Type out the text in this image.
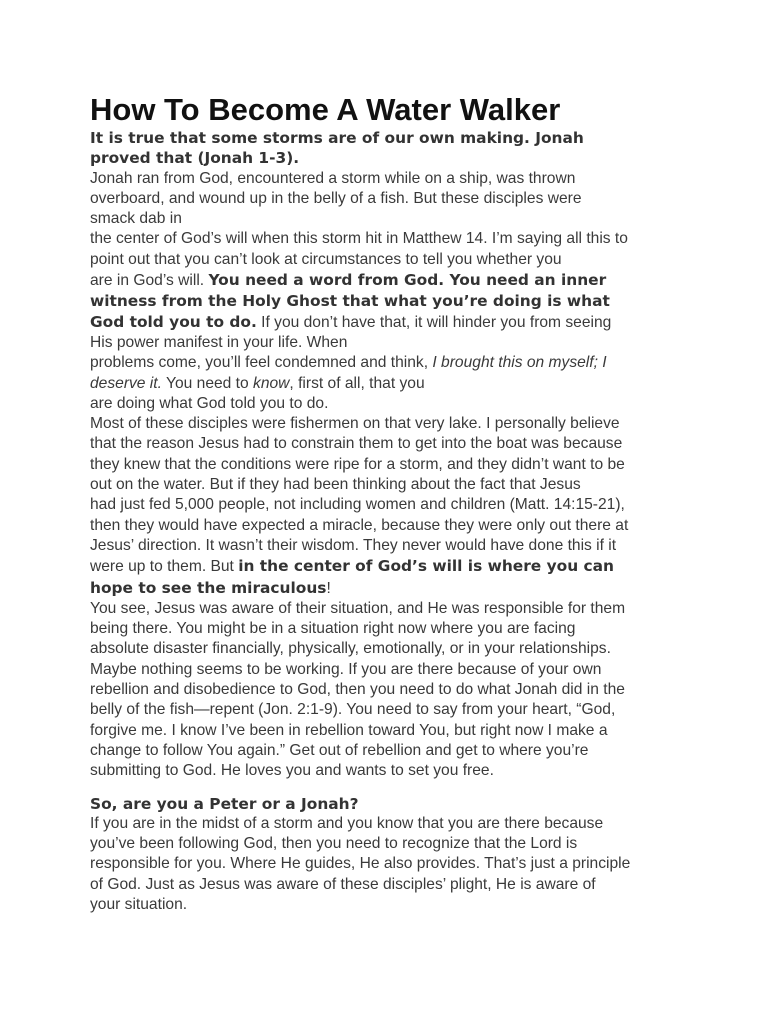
How To Become A Water Walker
It is true that some storms are of our own making. Jonah
proved that (Jonah 1-3).
Jonah ran from God, encountered a storm while on a ship, was thrown
overboard, and wound up in the belly of a fish. But these disciples were
smack dab in
the center of God’s will when this storm hit in Matthew 14. I’m saying all this to
point out that you can’t look at circumstances to tell you whether you
are in God’s will. You need a word from God. You need an inner
witness from the Holy Ghost that what you’re doing is what
God told you to do. If you don’t have that, it will hinder you from seeing
His power manifest in your life. When
problems come, you’ll feel condemned and think, I brought this on myself; I
deserve it. You need to know, first of all, that you
are doing what God told you to do.
Most of these disciples were fishermen on that very lake. I personally believe
that the reason Jesus had to constrain them to get into the boat was because
they knew that the conditions were ripe for a storm, and they didn’t want to be
out on the water. But if they had been thinking about the fact that Jesus
had just fed 5,000 people, not including women and children (Matt. 14:15-21),
then they would have expected a miracle, because they were only out there at
Jesus’ direction. It wasn’t their wisdom. They never would have done this if it
were up to them. But in the center of God’s will is where you can
hope to see the miraculous!
You see, Jesus was aware of their situation, and He was responsible for them
being there. You might be in a situation right now where you are facing
absolute disaster financially, physically, emotionally, or in your relationships.
Maybe nothing seems to be working. If you are there because of your own
rebellion and disobedience to God, then you need to do what Jonah did in the
belly of the fish—repent (Jon. 2:1-9). You need to say from your heart, “God,
forgive me. I know I’ve been in rebellion toward You, but right now I make a
change to follow You again.” Get out of rebellion and get to where you’re
submitting to God. He loves you and wants to set you free.
So, are you a Peter or a Jonah?
If you are in the midst of a storm and you know that you are there because
you’ve been following God, then you need to recognize that the Lord is
responsible for you. Where He guides, He also provides. That’s just a principle
of God. Just as Jesus was aware of these disciples’ plight, He is aware of
your situation.
